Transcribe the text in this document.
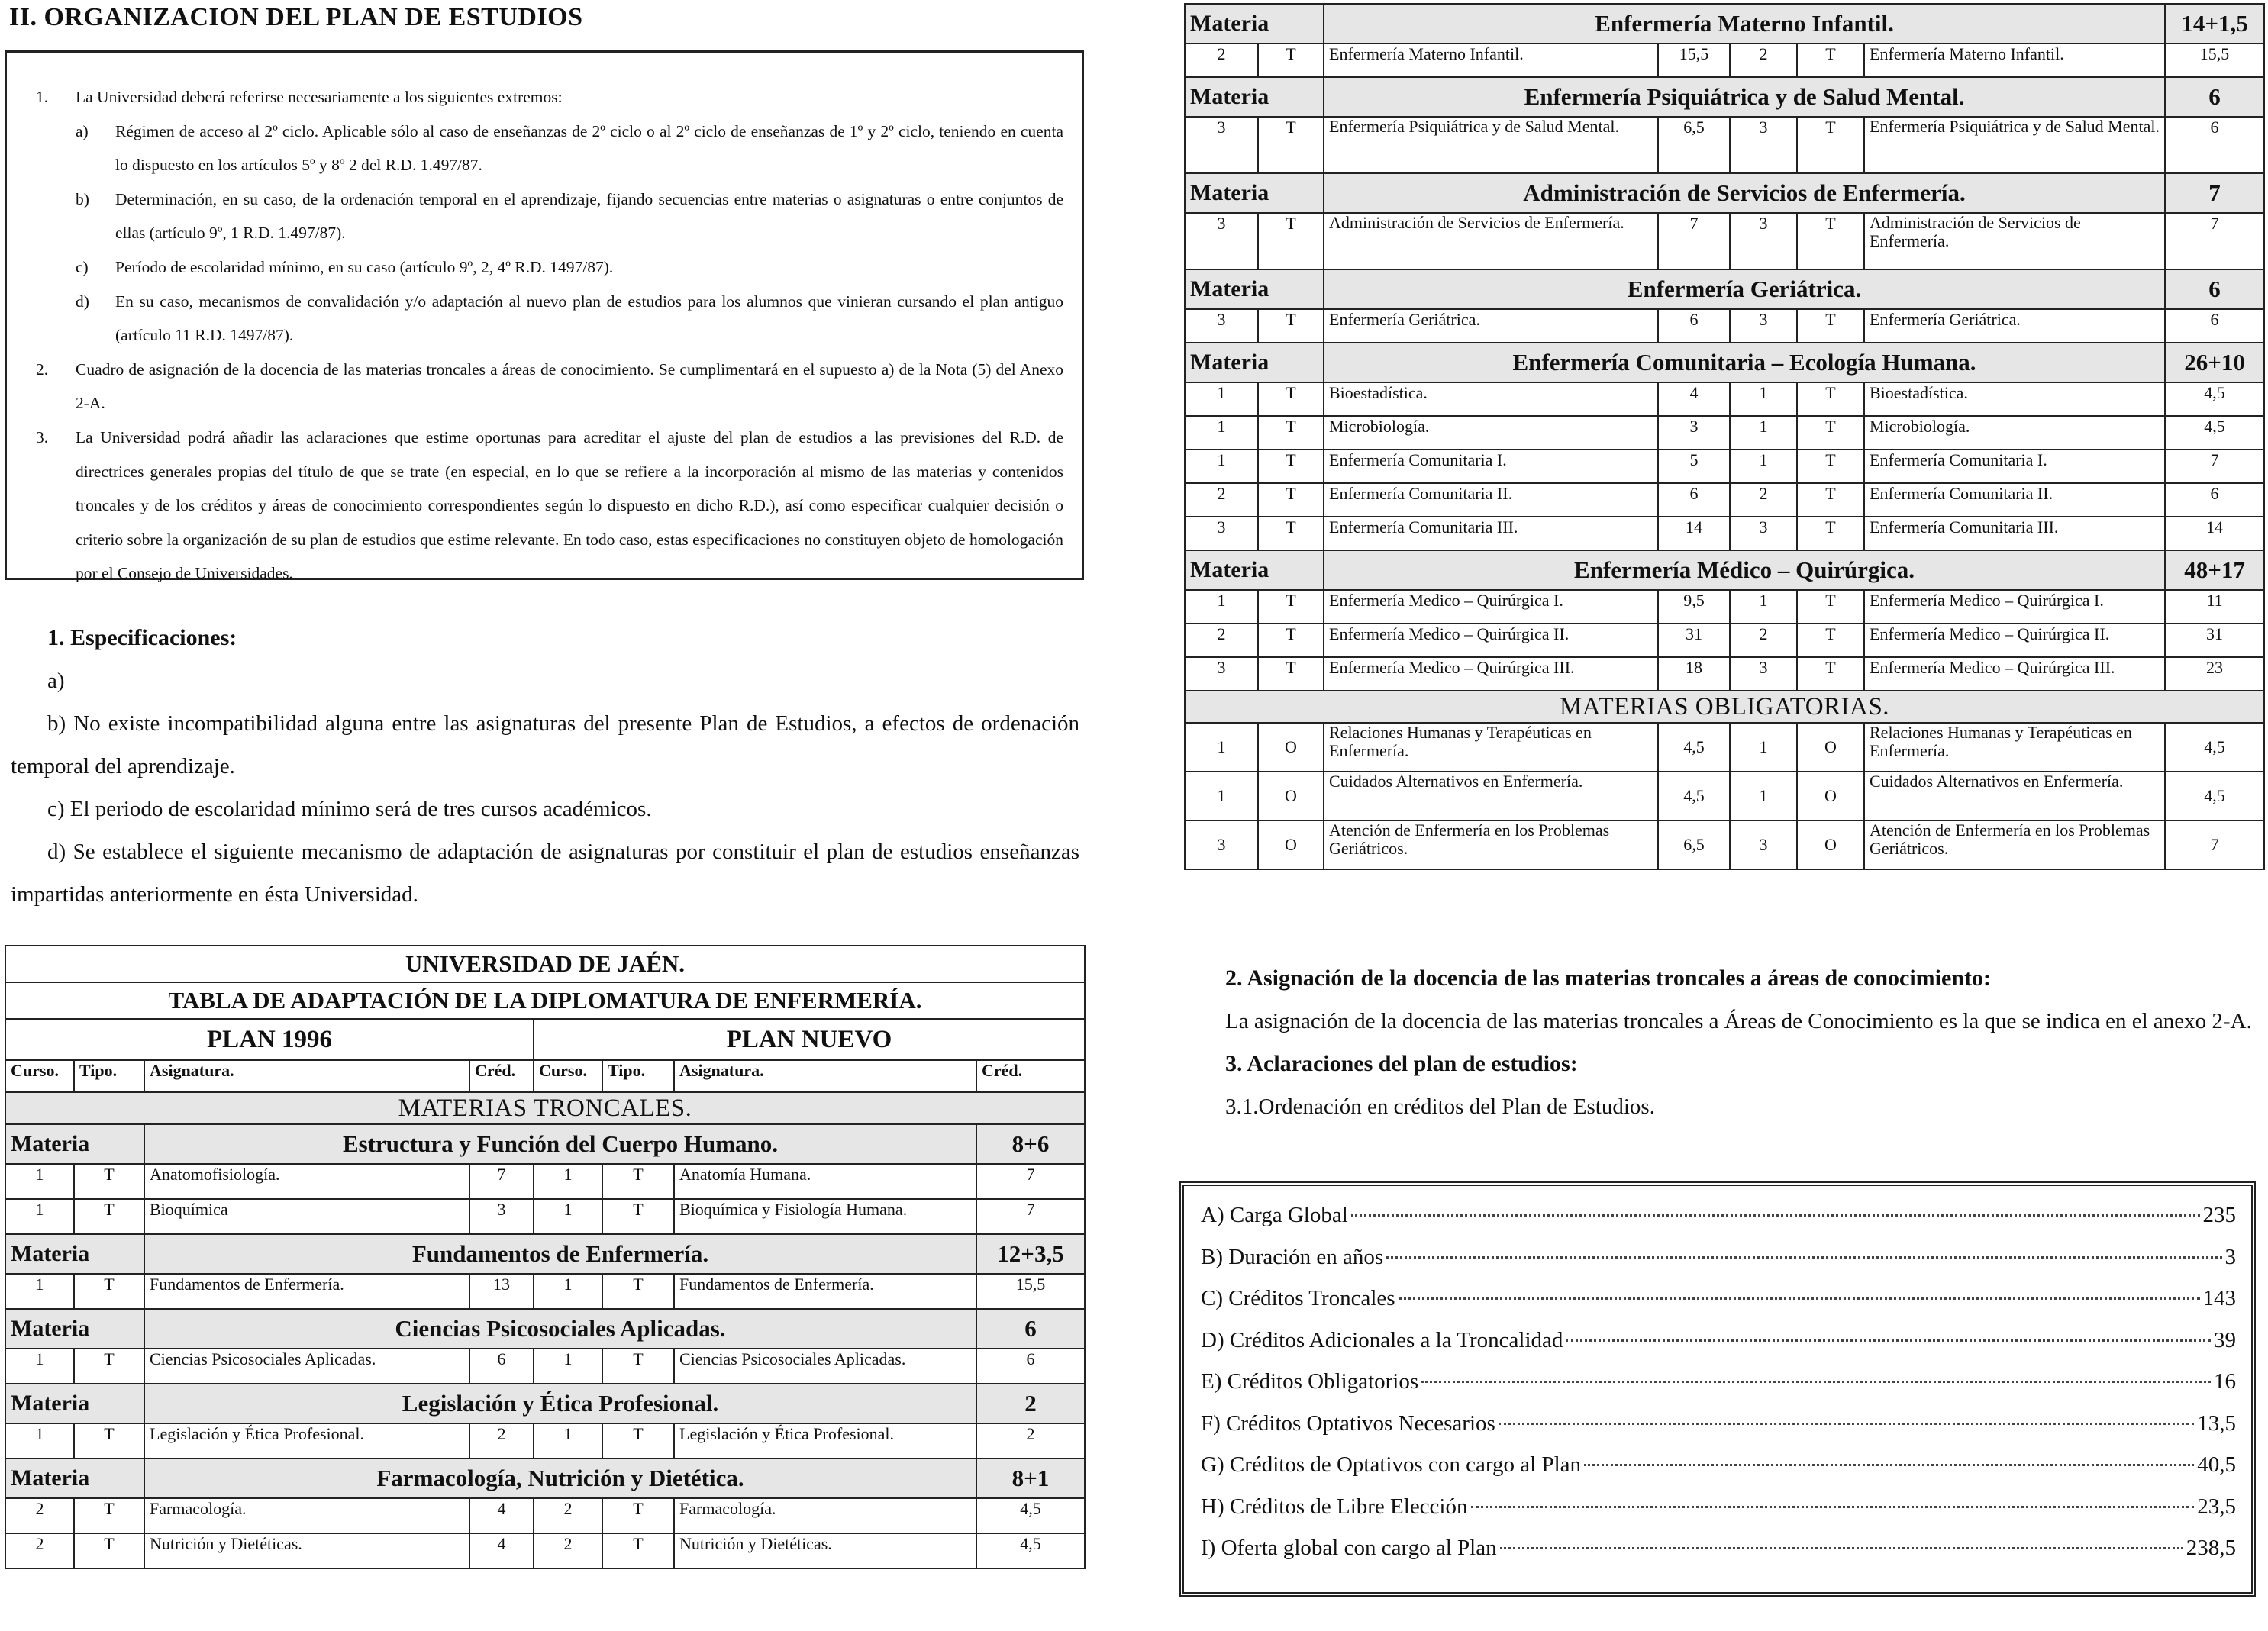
II. ORGANIZACION DEL PLAN DE ESTUDIOS
1.	La Universidad deberá referirse necesariamente a los siguientes extremos:
a)	Régimen de acceso al 2º ciclo. Aplicable sólo al caso de enseñanzas de 2º ciclo o al 2º ciclo de enseñanzas de 1º y 2º ciclo, teniendo en cuenta lo dispuesto en los artículos 5º y 8º 2 del R.D. 1.497/87.
b)	Determinación, en su caso, de la ordenación temporal en el aprendizaje, fijando secuencias entre materias o asignaturas o entre conjuntos de ellas (artículo 9º, 1 R.D. 1.497/87).
c)	Período de escolaridad mínimo, en su caso (artículo 9º, 2, 4º R.D. 1497/87).
d)	En su caso, mecanismos de convalidación y/o adaptación al nuevo plan de estudios para los alumnos que vinieran cursando el plan antiguo (artículo 11 R.D. 1497/87).
2.	Cuadro de asignación de la docencia de las materias troncales a áreas de conocimiento. Se cumplimentará en el supuesto a) de la Nota (5) del Anexo 2-A.
3.	La Universidad podrá añadir las aclaraciones que estime oportunas para acreditar el ajuste del plan de estudios a las previsiones del R.D. de directrices generales propias del título de que se trate (en especial, en lo que se refiere a la incorporación al mismo de las materias y contenidos troncales y de los créditos y áreas de conocimiento correspondientes según lo dispuesto en dicho R.D.), así como especificar cualquier decisión o criterio sobre la organización de su plan de estudios que estime relevante. En todo caso, estas especificaciones no constituyen objeto de homologación por el Consejo de Universidades.
1. Especificaciones:

a)

b) No existe incompatibilidad alguna entre las asignaturas del presente Plan de Estudios, a efectos de ordenación temporal del aprendizaje.

c) El periodo de escolaridad mínimo será de tres cursos académicos.

d) Se establece el siguiente mecanismo de adaptación de asignaturas por constituir el plan de estudios enseñanzas impartidas anteriormente en ésta Universidad.

UNIVERSIDAD DE JAÉN.							
TABLA DE ADAPTACIÓN DE LA DIPLOMATURA DE ENFERMERÍA.							
PLAN 1996				PLAN NUEVO			
Curso.	Tipo.	Asignatura.	Créd.	Curso.	Tipo.	Asignatura.	Créd.
MATERIAS TRONCALES.							
Materia		Estructura y Función del Cuerpo Humano.					8+6
1	T	Anatomofisiología.	7	1	T	Anatomía Humana.	7
1	T	Bioquímica	3	1	T	Bioquímica y Fisiología Humana.	7
Materia		Fundamentos de Enfermería.					12+3,5
1	T	Fundamentos de Enfermería.	13	1	T	Fundamentos de Enfermería.	15,5
Materia		Ciencias Psicosociales Aplicadas.					6
1	T	Ciencias Psicosociales Aplicadas.	6	1	T	Ciencias Psicosociales Aplicadas.	6
Materia		Legislación y Ética Profesional.					2
1	T	Legislación y Ética Profesional.	2	1	T	Legislación y Ética Profesional.	2
Materia		Farmacología, Nutrición y Dietética.					8+1
2	T	Farmacología.	4	2	T	Farmacología.	4,5
2	T	Nutrición y Dietéticas.	4	2	T	Nutrición y Dietéticas.	4,5
Materia		Enfermería Materno Infantil.					14+1,5
2	T	Enfermería Materno Infantil.	15,5	2	T	Enfermería Materno Infantil.	15,5
Materia		Enfermería Psiquiátrica y de Salud Mental.					6
3	T	Enfermería Psiquiátrica y de Salud Mental.	6,5	3	T	Enfermería Psiquiátrica y de Salud Mental.	6
Materia		Administración de Servicios de Enfermería.					7
3	T	Administración de Servicios de Enfermería.	7	3	T	Administración de Servicios de Enfermería.	7
Materia		Enfermería Geriátrica.					6
3	T	Enfermería Geriátrica.	6	3	T	Enfermería Geriátrica.	6
Materia		Enfermería Comunitaria – Ecología Humana.					26+10
1	T	Bioestadística.	4	1	T	Bioestadística.	4,5
1	T	Microbiología.	3	1	T	Microbiología.	4,5
1	T	Enfermería Comunitaria I.	5	1	T	Enfermería Comunitaria I.	7
2	T	Enfermería Comunitaria II.	6	2	T	Enfermería Comunitaria II.	6
3	T	Enfermería Comunitaria III.	14	3	T	Enfermería Comunitaria III.	14
Materia		Enfermería Médico – Quirúrgica.					48+17
1	T	Enfermería Medico – Quirúrgica I.	9,5	1	T	Enfermería Medico – Quirúrgica I.	11
2	T	Enfermería Medico – Quirúrgica II.	31	2	T	Enfermería Medico – Quirúrgica II.	31
3	T	Enfermería Medico – Quirúrgica III.	18	3	T	Enfermería Medico – Quirúrgica III.	23
MATERIAS OBLIGATORIAS.							
1	O	Relaciones Humanas y Terapéuticas en Enfermería.	4,5	1	O	Relaciones Humanas y Terapéuticas en Enfermería.	4,5
1	O	Cuidados Alternativos en Enfermería.	4,5	1	O	Cuidados Alternativos en Enfermería.	4,5
3	O	Atención de Enfermería en los Problemas Geriátricos.	6,5	3	O	Atención de Enfermería en los Problemas Geriátricos.	7
2. Asignación de la docencia de las materias troncales a áreas de conocimiento:

La asignación de la docencia de las materias troncales a Áreas de Conocimiento es la que se indica en el anexo 2-A.

3. Aclaraciones del plan de estudios:

3.1.Ordenación en créditos del Plan de Estudios.

A) Carga Global	235
B) Duración en años	3
C) Créditos Troncales	143
D) Créditos Adicionales a la Troncalidad	39
E) Créditos Obligatorios	16
F) Créditos Optativos Necesarios	13,5
G) Créditos de Optativos con cargo al Plan	40,5
H) Créditos de Libre Elección	23,5
I) Oferta global con cargo al Plan	238,5
